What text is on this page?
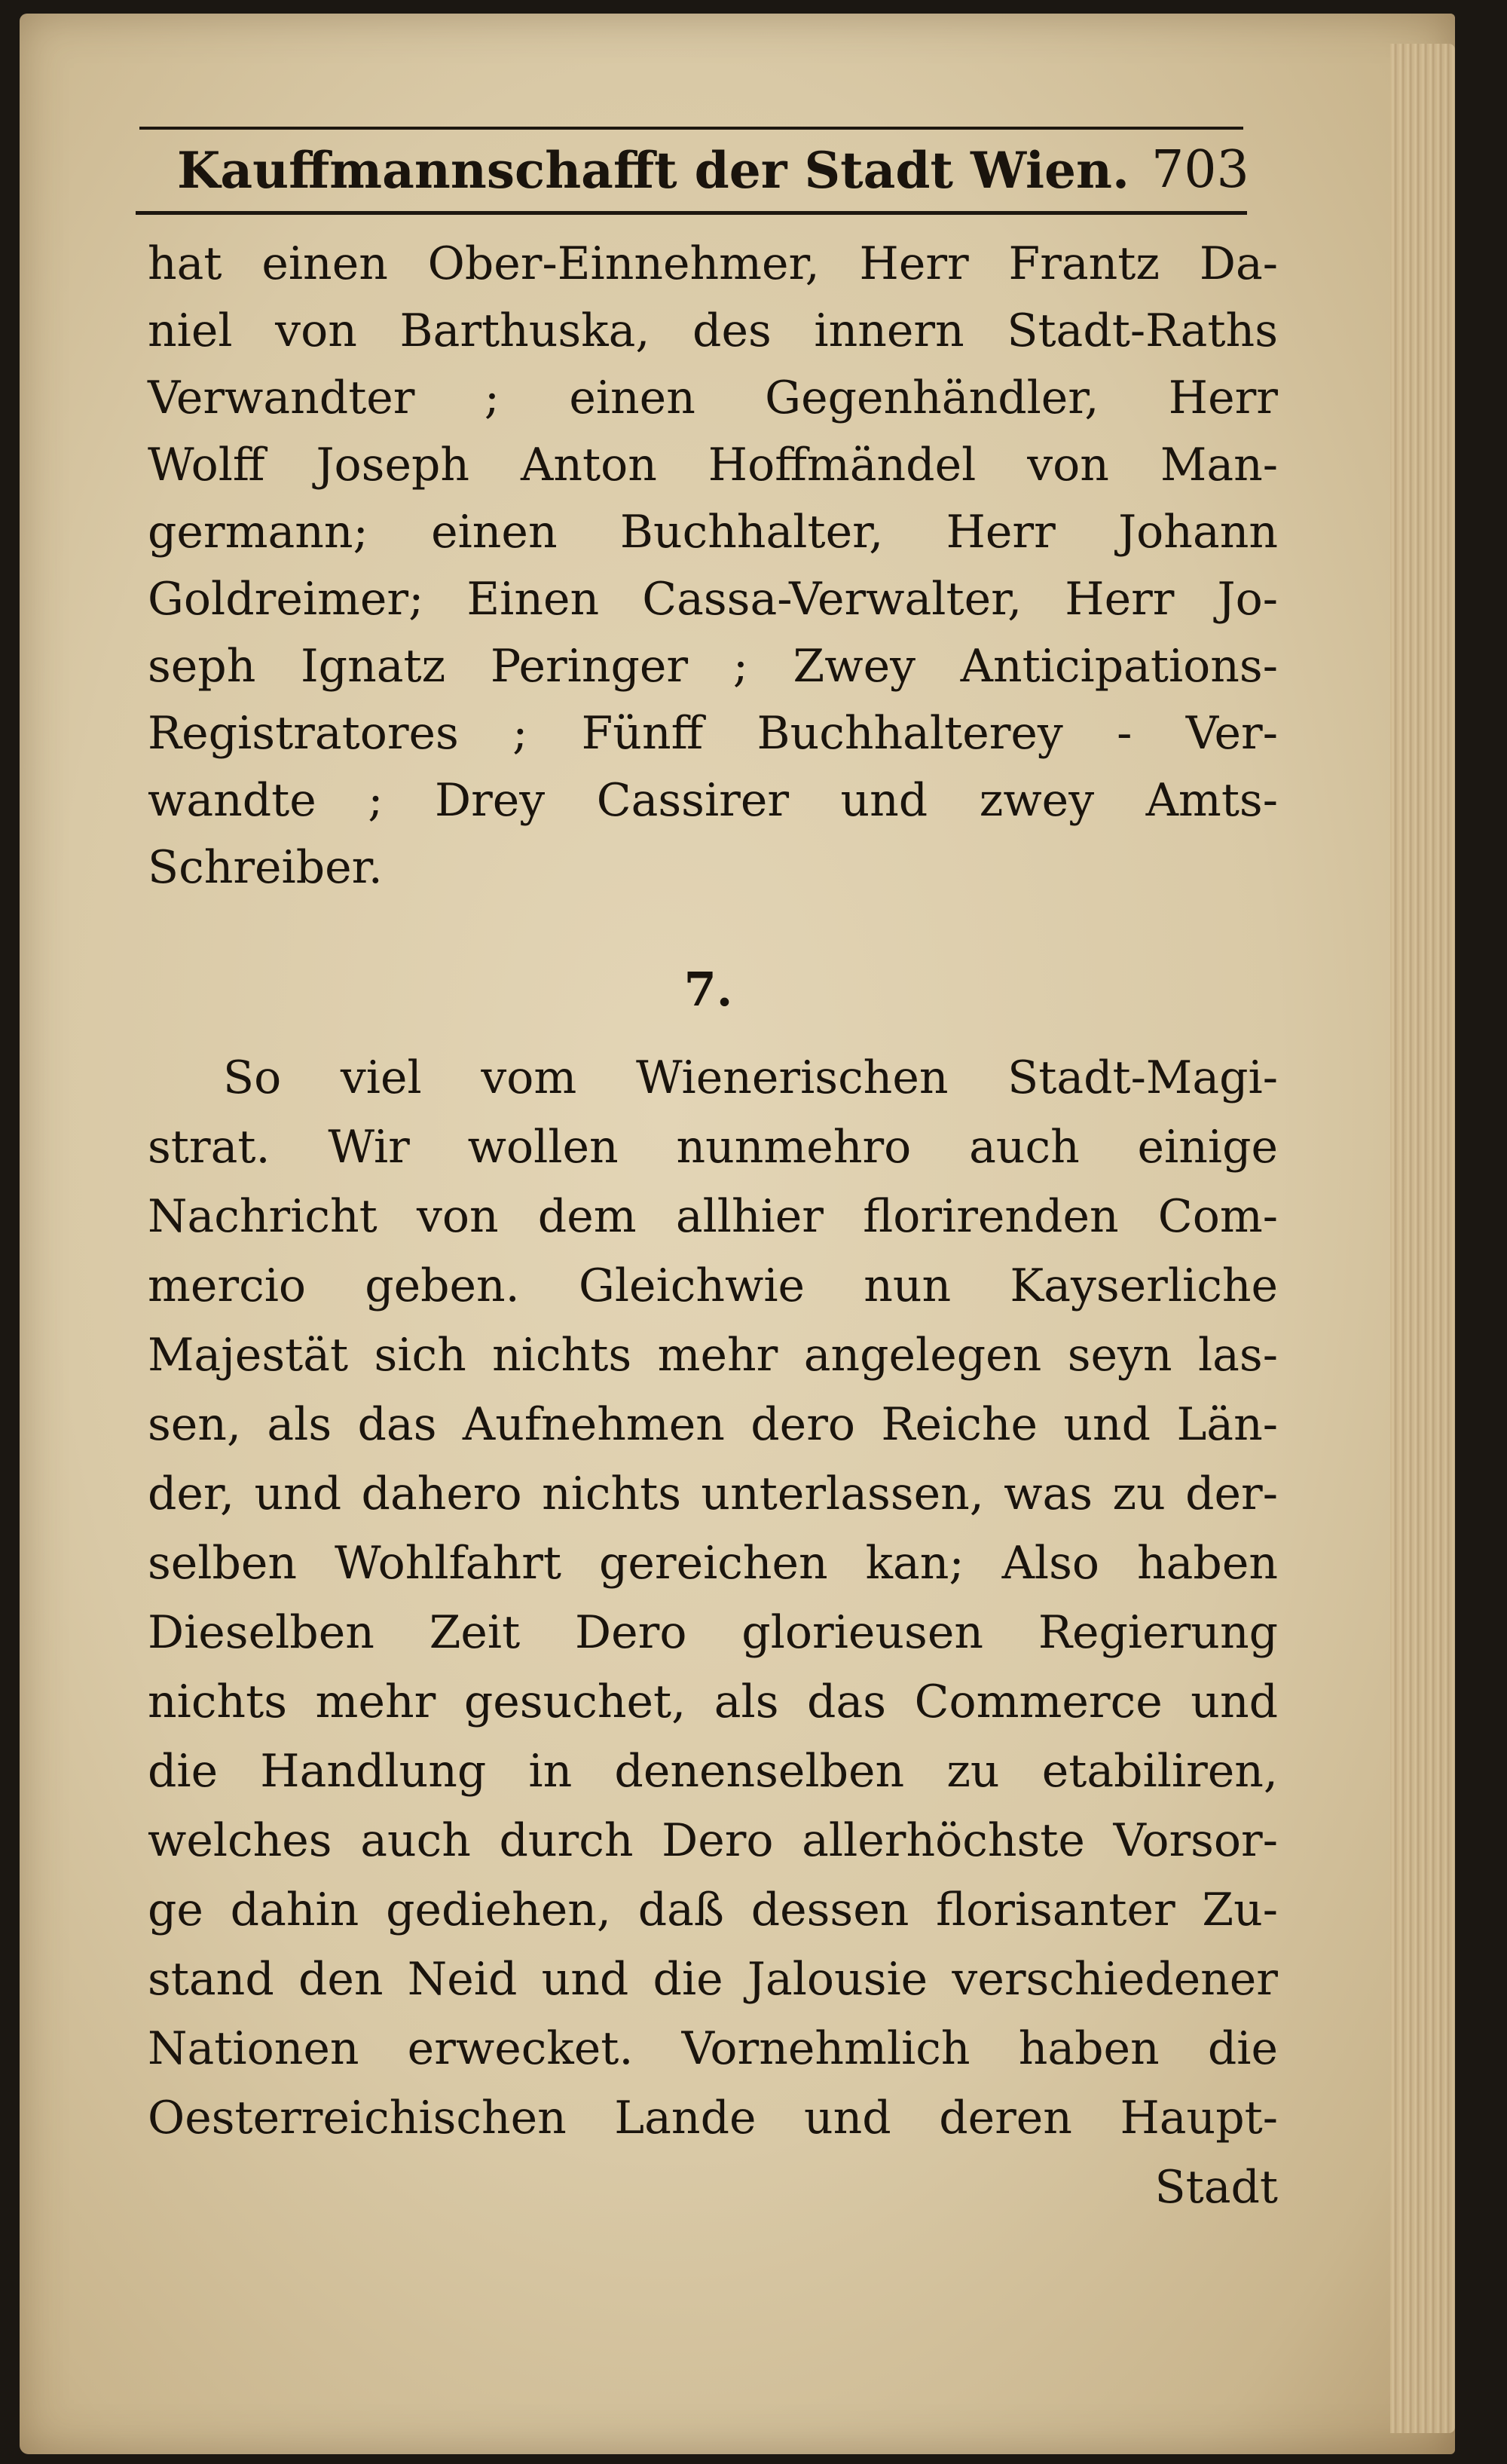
Kauffmannschafft der Stadt Wien. 703
hat einen Ober-Einnehmer, Herr Frantz Da-
niel von Barthuska, des innern Stadt-Raths
Verwandter ; einen Gegenhändler, Herr
Wolff Joseph Anton Hoffmändel von Man-
germann; einen Buchhalter, Herr Johann
Goldreimer; Einen Cassa-Verwalter, Herr Jo-
seph Ignatz Peringer ; Zwey Anticipations-
Registratores ; Fünff Buchhalterey - Ver-
wandte ; Drey Cassirer und zwey Amts-
Schreiber.
7.
So viel vom Wienerischen Stadt-Magi-
strat. Wir wollen nunmehro auch einige
Nachricht von dem allhier florirenden Com-
mercio geben. Gleichwie nun Kayserliche
Majestät sich nichts mehr angelegen seyn las-
sen, als das Aufnehmen dero Reiche und Län-
der, und dahero nichts unterlassen, was zu der-
selben Wohlfahrt gereichen kan; Also haben
Dieselben Zeit Dero glorieusen Regierung
nichts mehr gesuchet, als das Commerce und
die Handlung in denenselben zu etabiliren,
welches auch durch Dero allerhöchste Vorsor-
ge dahin gediehen, daß dessen florisanter Zu-
stand den Neid und die Jalousie verschiedener
Nationen erwecket. Vornehmlich haben die
Oesterreichischen Lande und deren Haupt-
Stadt
